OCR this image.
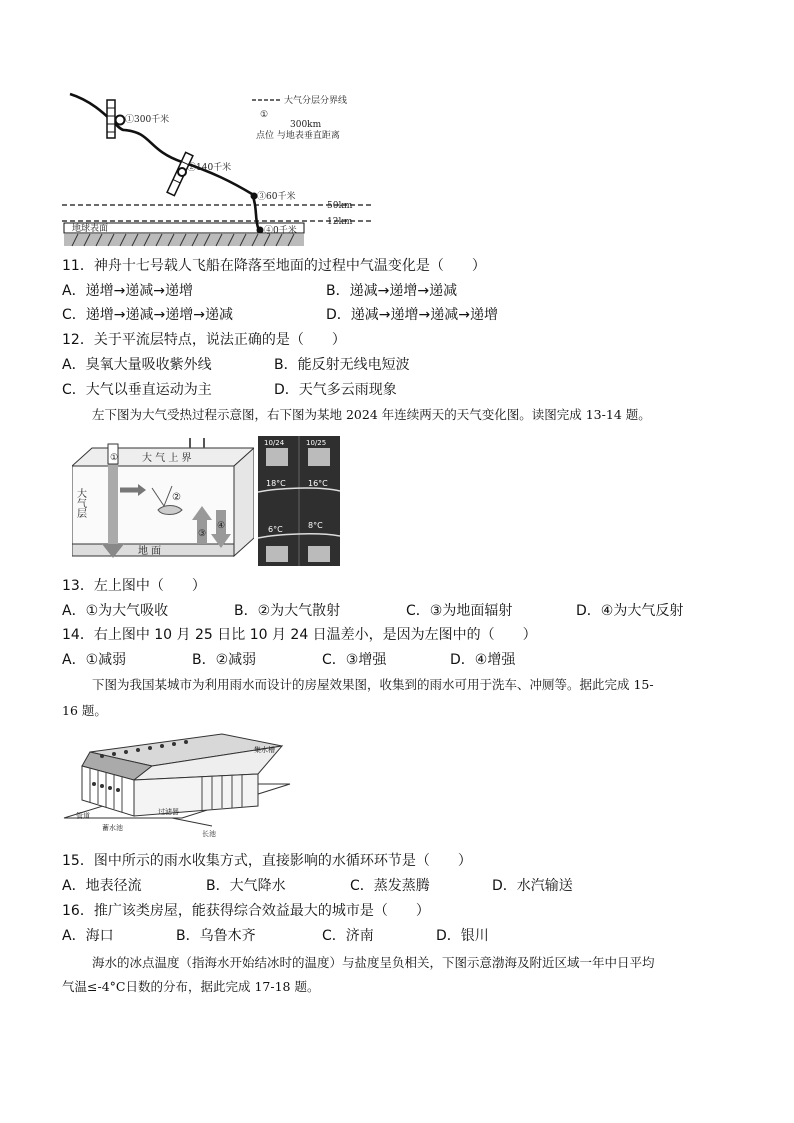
①300千米
②140千米
③60千米
④0千米
大气分层分界线
①
300km
点位 与地表垂直距离
50km
12km
地球表面
11．神舟十七号载人飞船在降落至地面的过程中气温变化是（　　）
A．递增→递减→递增	B．递减→递增→递减
C．递增→递减→递增→递减	D．递减→递增→递减→递增
12．关于平流层特点，说法正确的是（　　）
A．臭氧大量吸收紫外线	B．能反射无线电短波
C．大气以垂直运动为主	D．天气多云雨现象
左下图为大气受热过程示意图，右下图为某地 2024 年连续两天的天气变化图。读图完成 13-14 题。
大 气 上 界
大气层
地 面
①
②
③
④
10/24	10/25
18°C	16°C
6°C	8°C
13．左上图中（　　）
A．①为大气吸收	B．②为大气散射	C．③为地面辐射	D．④为大气反射
14．右上图中 10 月 25 日比 10 月 24 日温差小，是因为左图中的（　　）
A．①减弱	B．②减弱	C．③增强	D．④增强
下图为我国某城市为利用雨水而设计的房屋效果图，收集到的雨水可用于洗车、冲厕等。据此完成 15-
16 题。
集水槽
管道
蓄水池
过滤器
长池
15．图中所示的雨水收集方式，直接影响的水循环环节是（　　）
A．地表径流	B．大气降水	C．蒸发蒸腾	D．水汽输送
16．推广该类房屋，能获得综合效益最大的城市是（　　）
A．海口	B．乌鲁木齐	C．济南	D．银川
海水的冰点温度（指海水开始结冰时的温度）与盐度呈负相关，下图示意渤海及附近区域一年中日平均
气温≤-4°C日数的分布，据此完成 17-18 题。
